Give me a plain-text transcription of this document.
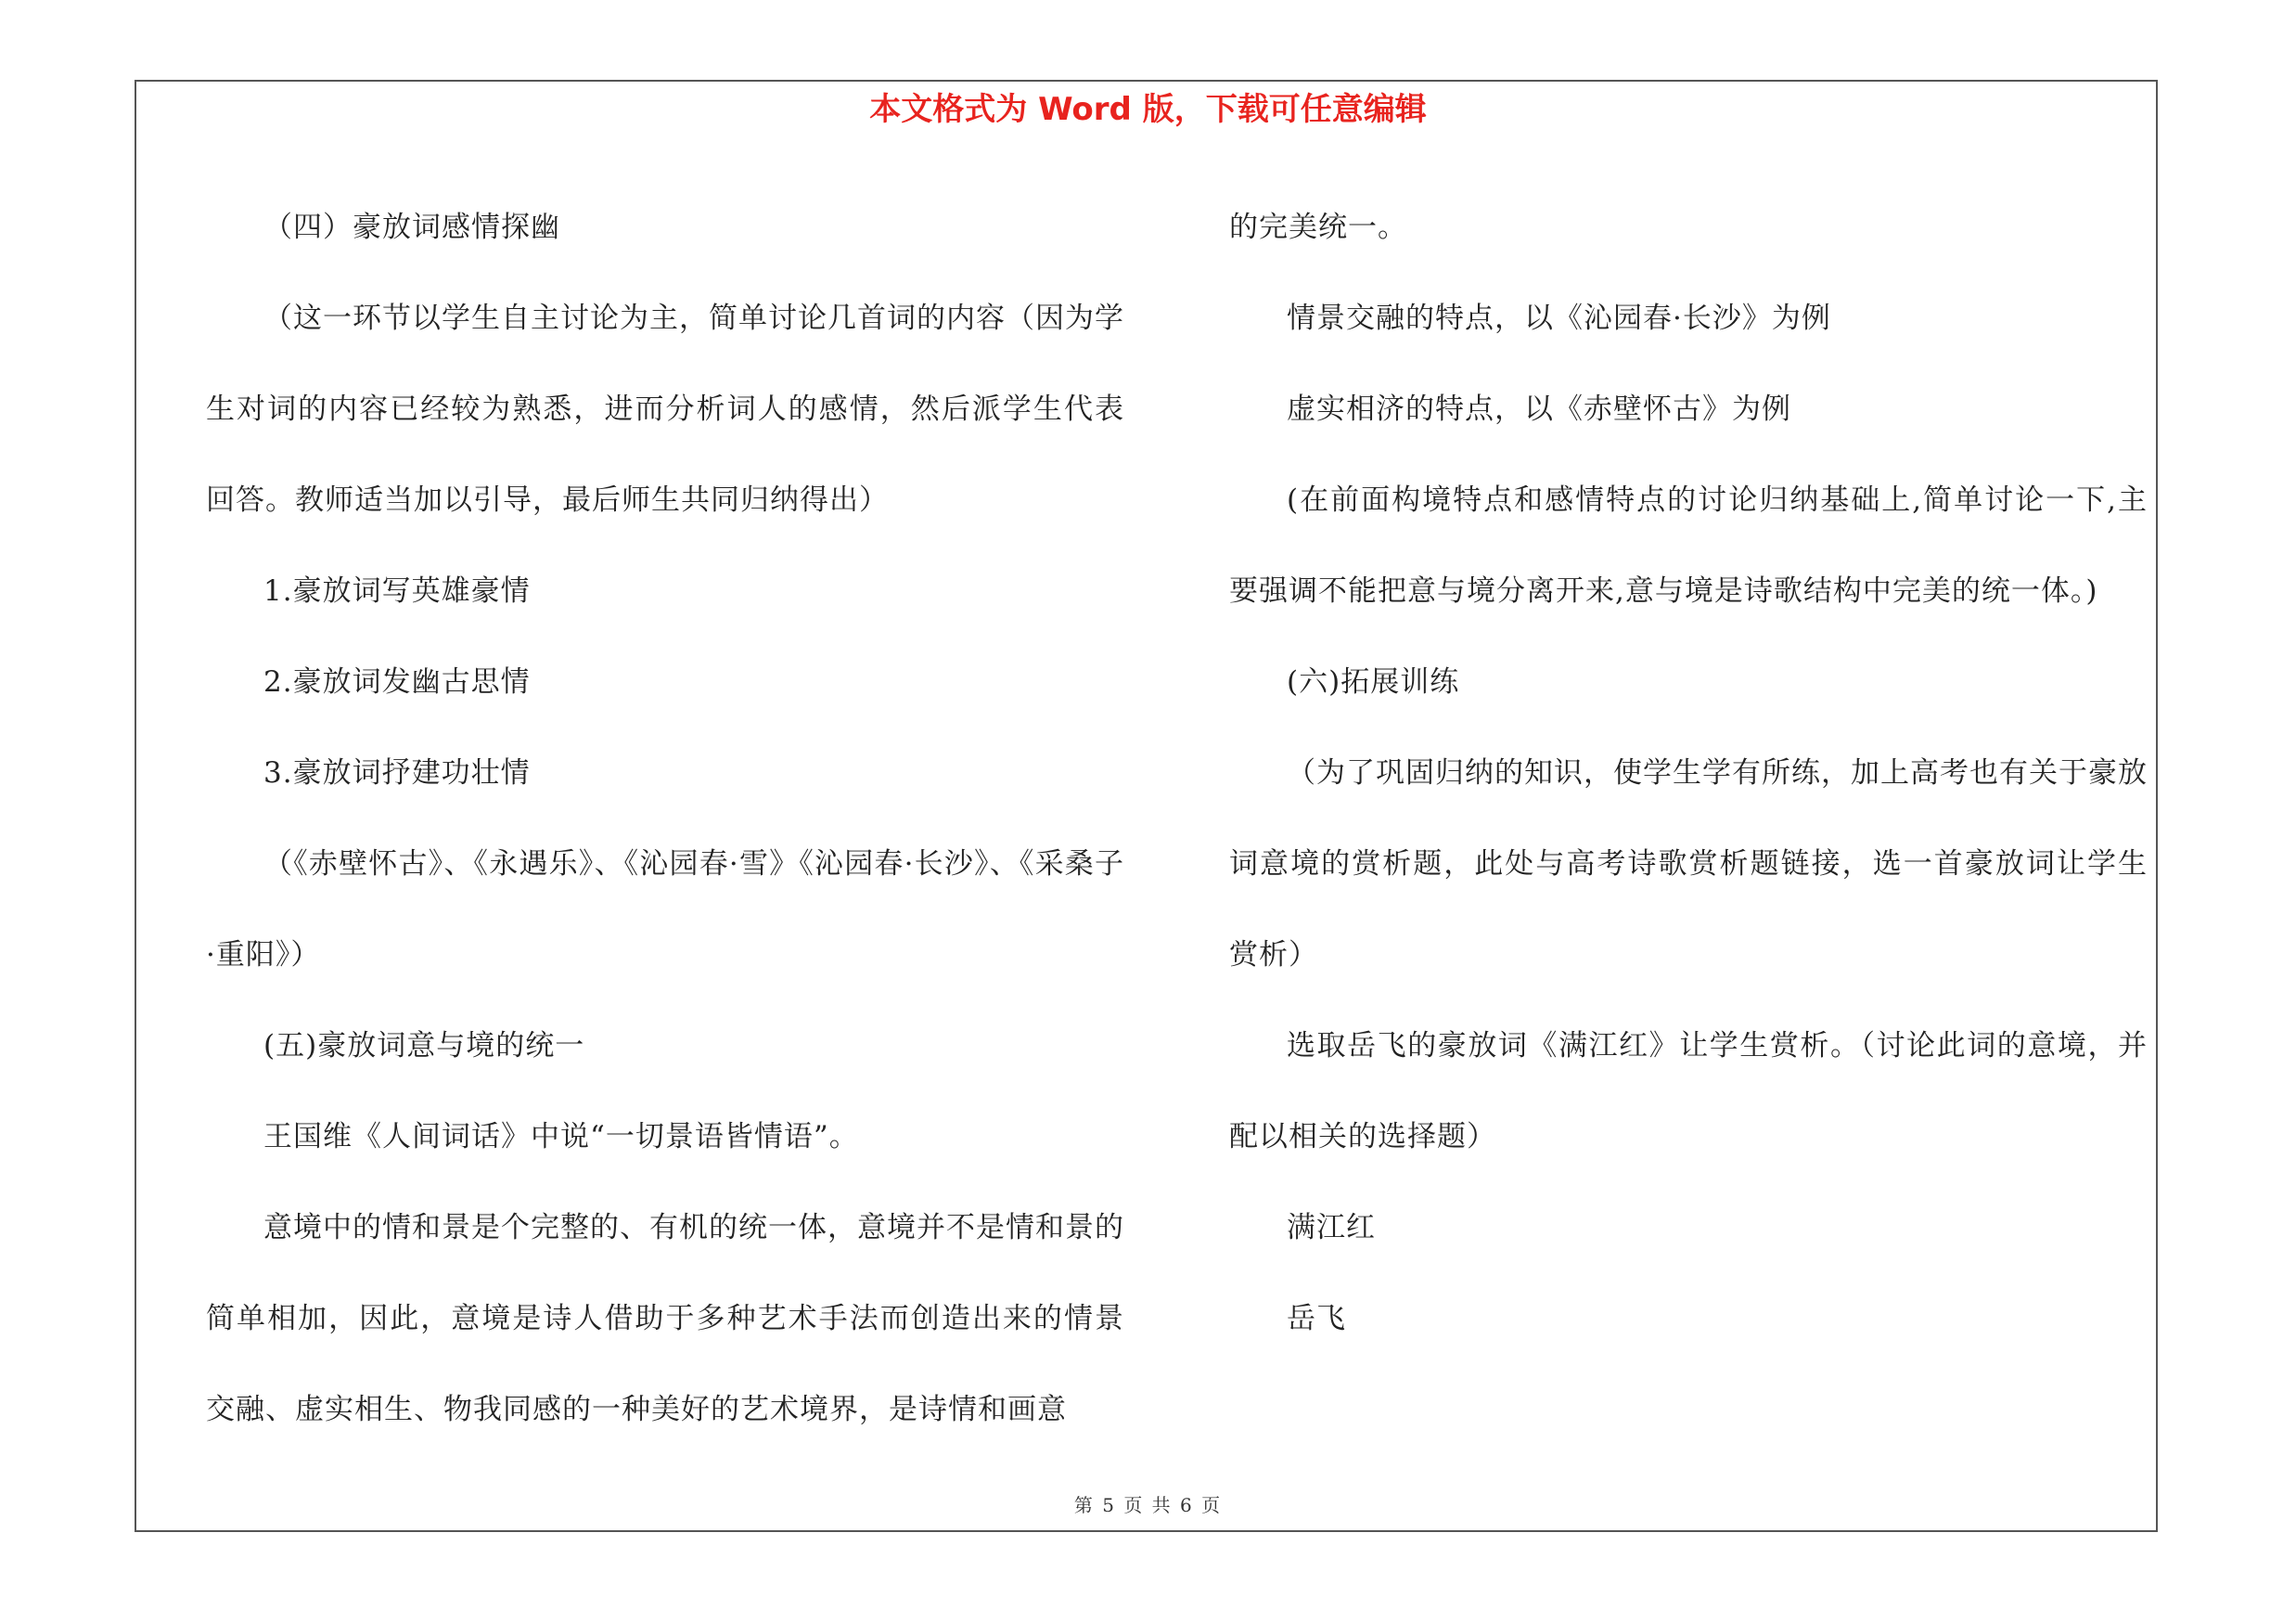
本文格式为 Word 版，下载可任意编辑

（四）豪放词感情探幽

（这一环节以学生自主讨论为主，简单讨论几首词的内容（因为学生对词的内容已经较为熟悉，进而分析词人的感情，然后派学生代表回答。教师适当加以引导，最后师生共同归纳得出）

1.豪放词写英雄豪情

2.豪放词发幽古思情

3.豪放词抒建功壮情

（《赤壁怀古》、《永遇乐》、《沁园春·雪》《沁园春·长沙》、《采桑子·重阳》）

(五)豪放词意与境的统一

王国维《人间词话》中说“一切景语皆情语”。

意境中的情和景是个完整的、有机的统一体，意境并不是情和景的简单相加，因此，意境是诗人借助于多种艺术手法而创造出来的情景交融、虚实相生、物我同感的一种美好的艺术境界，是诗情和画意

的完美统一。

情景交融的特点，以《沁园春·长沙》为例

虚实相济的特点，以《赤壁怀古》为例

(在前面构境特点和感情特点的讨论归纳基础上,简单讨论一下,主要强调不能把意与境分离开来,意与境是诗歌结构中完美的统一体。)

(六)拓展训练

（为了巩固归纳的知识，使学生学有所练，加上高考也有关于豪放词意境的赏析题，此处与高考诗歌赏析题链接，选一首豪放词让学生赏析）

选取岳飞的豪放词《满江红》让学生赏析。（讨论此词的意境，并配以相关的选择题）

满江红

岳飞

第 5 页 共 6 页
